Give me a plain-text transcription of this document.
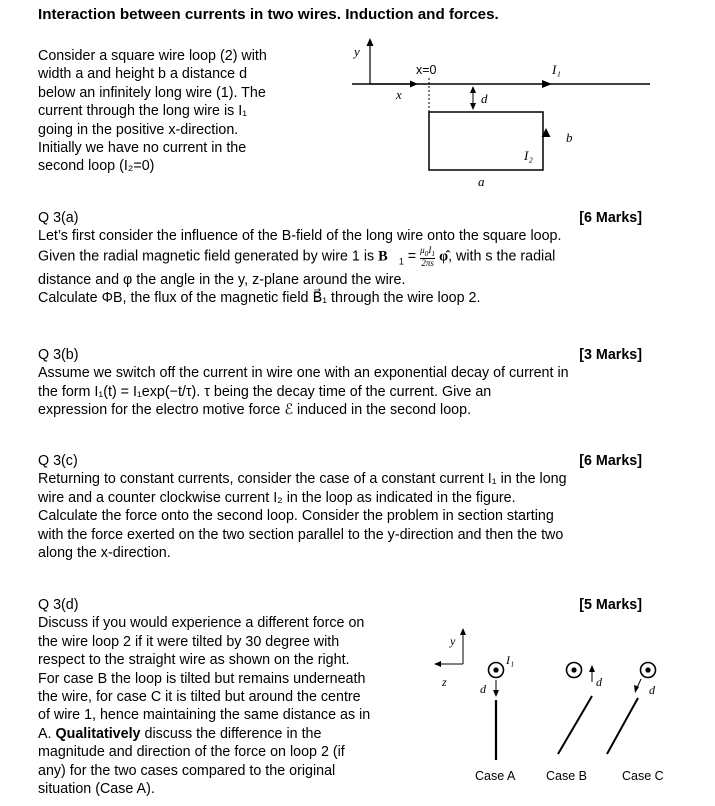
Interaction between currents in two wires. Induction and forces.
Consider a square wire loop (2) with
width a and height b a distance d
below an infinitely long wire (1). The
current through the long wire is I₁
going in the positive x-direction.
Initially we have no current in the
second loop (I₂=0)
y
x
I₁
x=0
d
b
I₂
a
Q 3(a)	[6 Marks]
Let’s first consider the influence of the B-field of the long wire onto the square loop.
Given the radial magnetic field generated by wire 1 is $B⃗_1 = \frac{\mu_0I_1}{2\pi s}$ φ̂, with s the radial
distance and φ the angle in the y, z-plane around the wire.
Calculate ΦB, the flux of the magnetic field B⃗₁ through the wire loop 2.
Q 3(b)	[3 Marks]
Assume we switch off the current in wire one with an exponential decay of current in
the form I₁(t) = I₁exp(−t/τ). τ being the decay time of the current. Give an
expression for the electro motive force ℰ induced in the second loop.
Q 3(c)	[6 Marks]
Returning to constant currents, consider the case of a constant current I₁ in the long
wire and a counter clockwise current I₂ in the loop as indicated in the figure.
Calculate the force onto the second loop. Consider the problem in section starting
with the force exerted on the two section parallel to the y-direction and then the two
along the x-direction.
Q 3(d)	[5 Marks]
Discuss if you would experience a different force on
the wire loop 2 if it were tilted by 30 degree with
respect to the straight wire as shown on the right.
For case B the loop is tilted but remains underneath
the wire, for case C it is tilted but around the centre
of wire 1, hence maintaining the same distance as in
A. Qualitatively discuss the difference in the
magnitude and direction of the force on loop 2 (if
any) for the two cases compared to the original
situation (Case A).
y
z
I₁
d
Case A
d
Case B
d
Case C
